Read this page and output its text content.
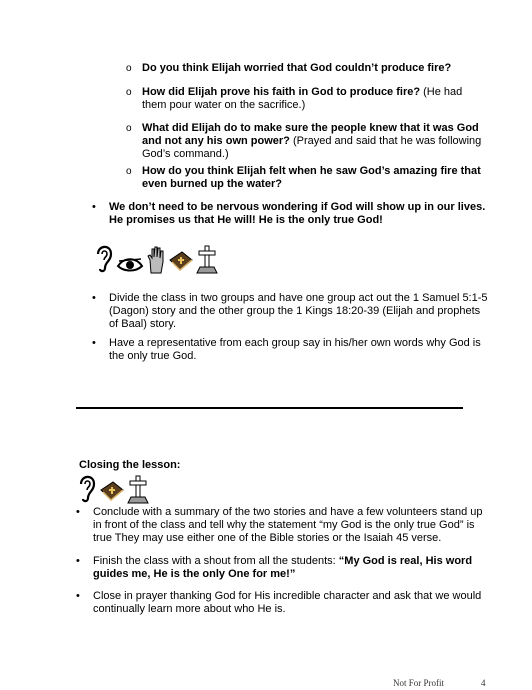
o Do you think Elijah worried that God couldn’t produce fire?
o How did Elijah prove his faith in God to produce fire? (He had them pour water on the sacrifice.)
o What did Elijah do to make sure the people knew that it was God and not any his own power? (Prayed and said that he was following God’s command.)
o How do you think Elijah felt when he saw God’s amazing fire that even burned up the water?
•	We don’t need to be nervous wondering if God will show up in our lives. He promises us that He will! He is the only true God!
•	Divide the class in two groups and have one group act out the 1 Samuel 5:1-5 (Dagon) story and the other group the 1 Kings 18:20-39 (Elijah and prophets of Baal) story.
•	Have a representative from each group say in his/her own words why God is the only true God.
Closing the lesson:
•	Conclude with a summary of the two stories and have a few volunteers stand up in front of the class and tell why the statement “my God is the only true God” is true They may use either one of the Bible stories or the Isaiah 45 verse.
•	Finish the class with a shout from all the students: “My God is real, His word guides me, He is the only One for me!”
•	Close in prayer thanking God for His incredible character and ask that we would continually learn more about who He is.
Not For Profit	4
